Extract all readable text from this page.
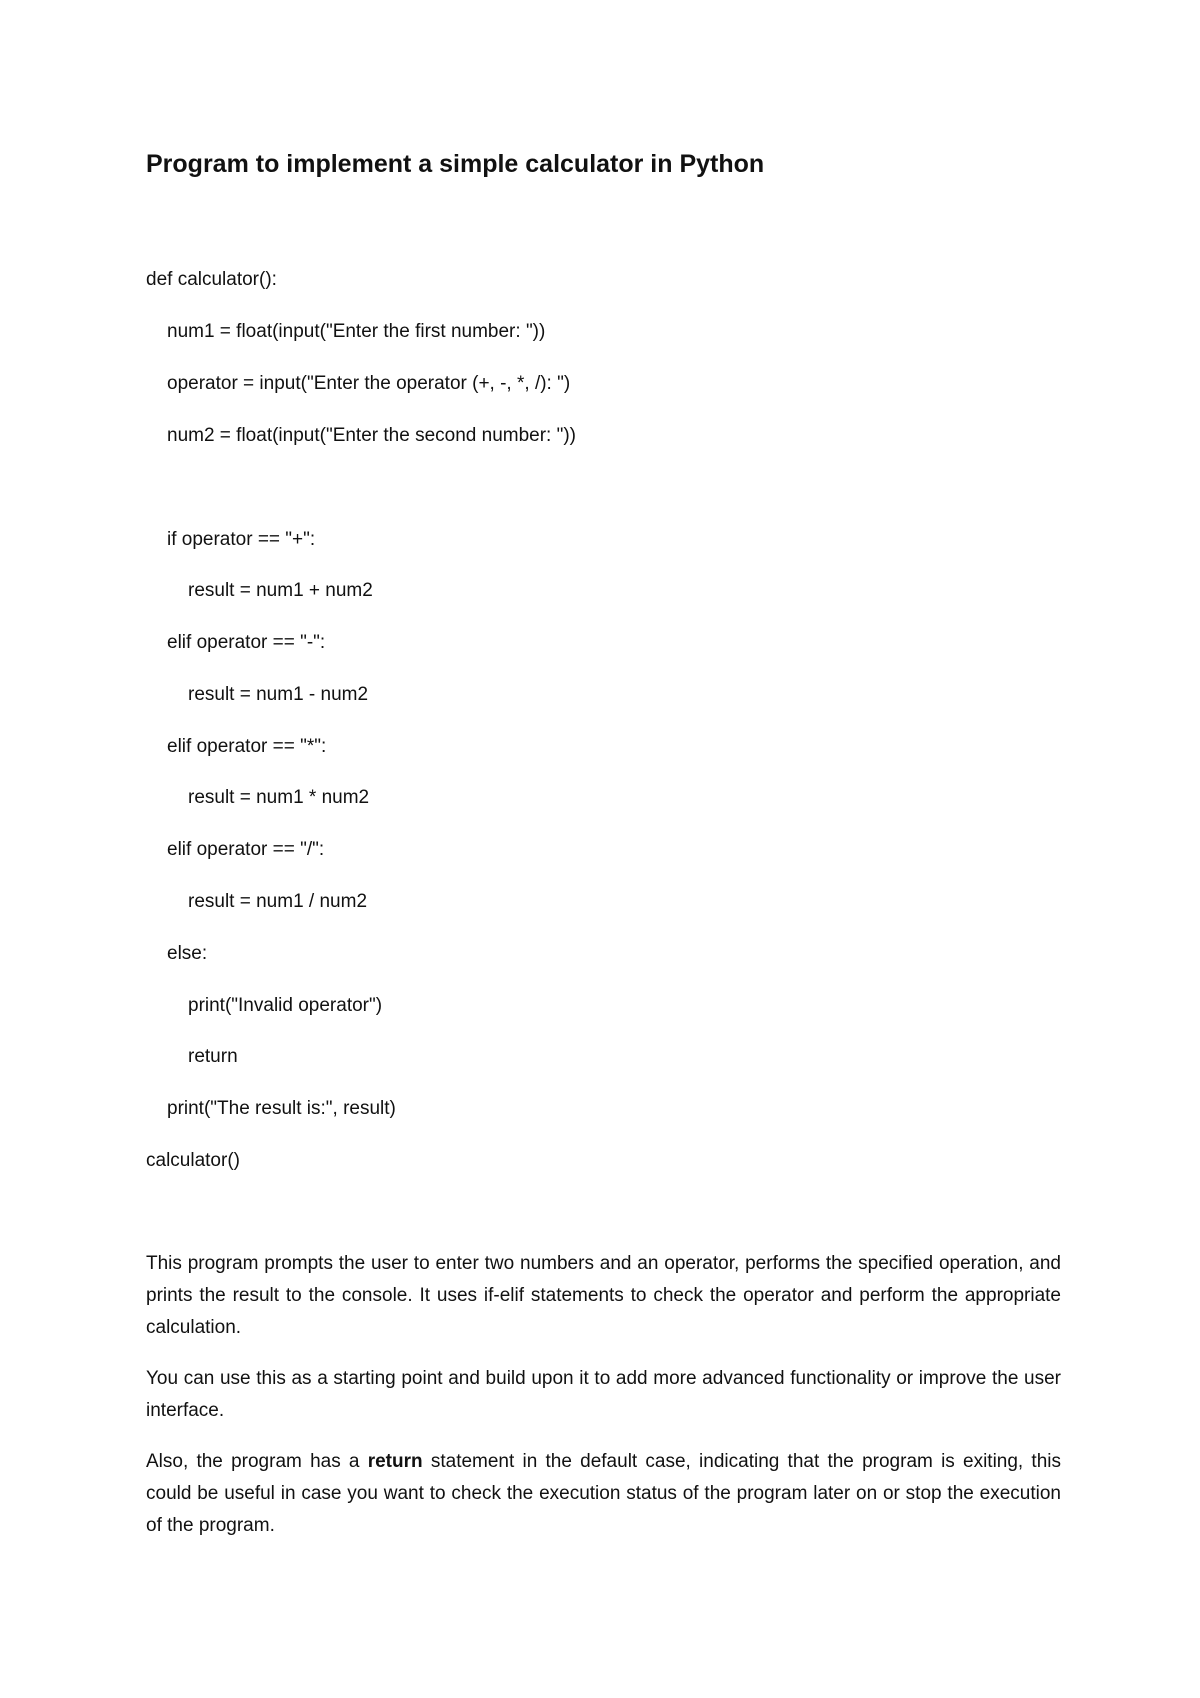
Program to implement a simple calculator in Python

def calculator():

num1 = float(input("Enter the first number: "))

operator = input("Enter the operator (+, -, *, /): ")

num2 = float(input("Enter the second number: "))

if operator == "+":

result = num1 + num2

elif operator == "-":

result = num1 - num2

elif operator == "*":

result = num1 * num2

elif operator == "/":

result = num1 / num2

else:

print("Invalid operator")

return

print("The result is:", result)

calculator()

This program prompts the user to enter two numbers and an operator, performs the specified operation, and prints the result to the console. It uses if-elif statements to check the operator and perform the appropriate calculation.

You can use this as a starting point and build upon it to add more advanced functionality or improve the user interface.

Also, the program has a return statement in the default case, indicating that the program is exiting, this could be useful in case you want to check the execution status of the program later on or stop the execution of the program.
